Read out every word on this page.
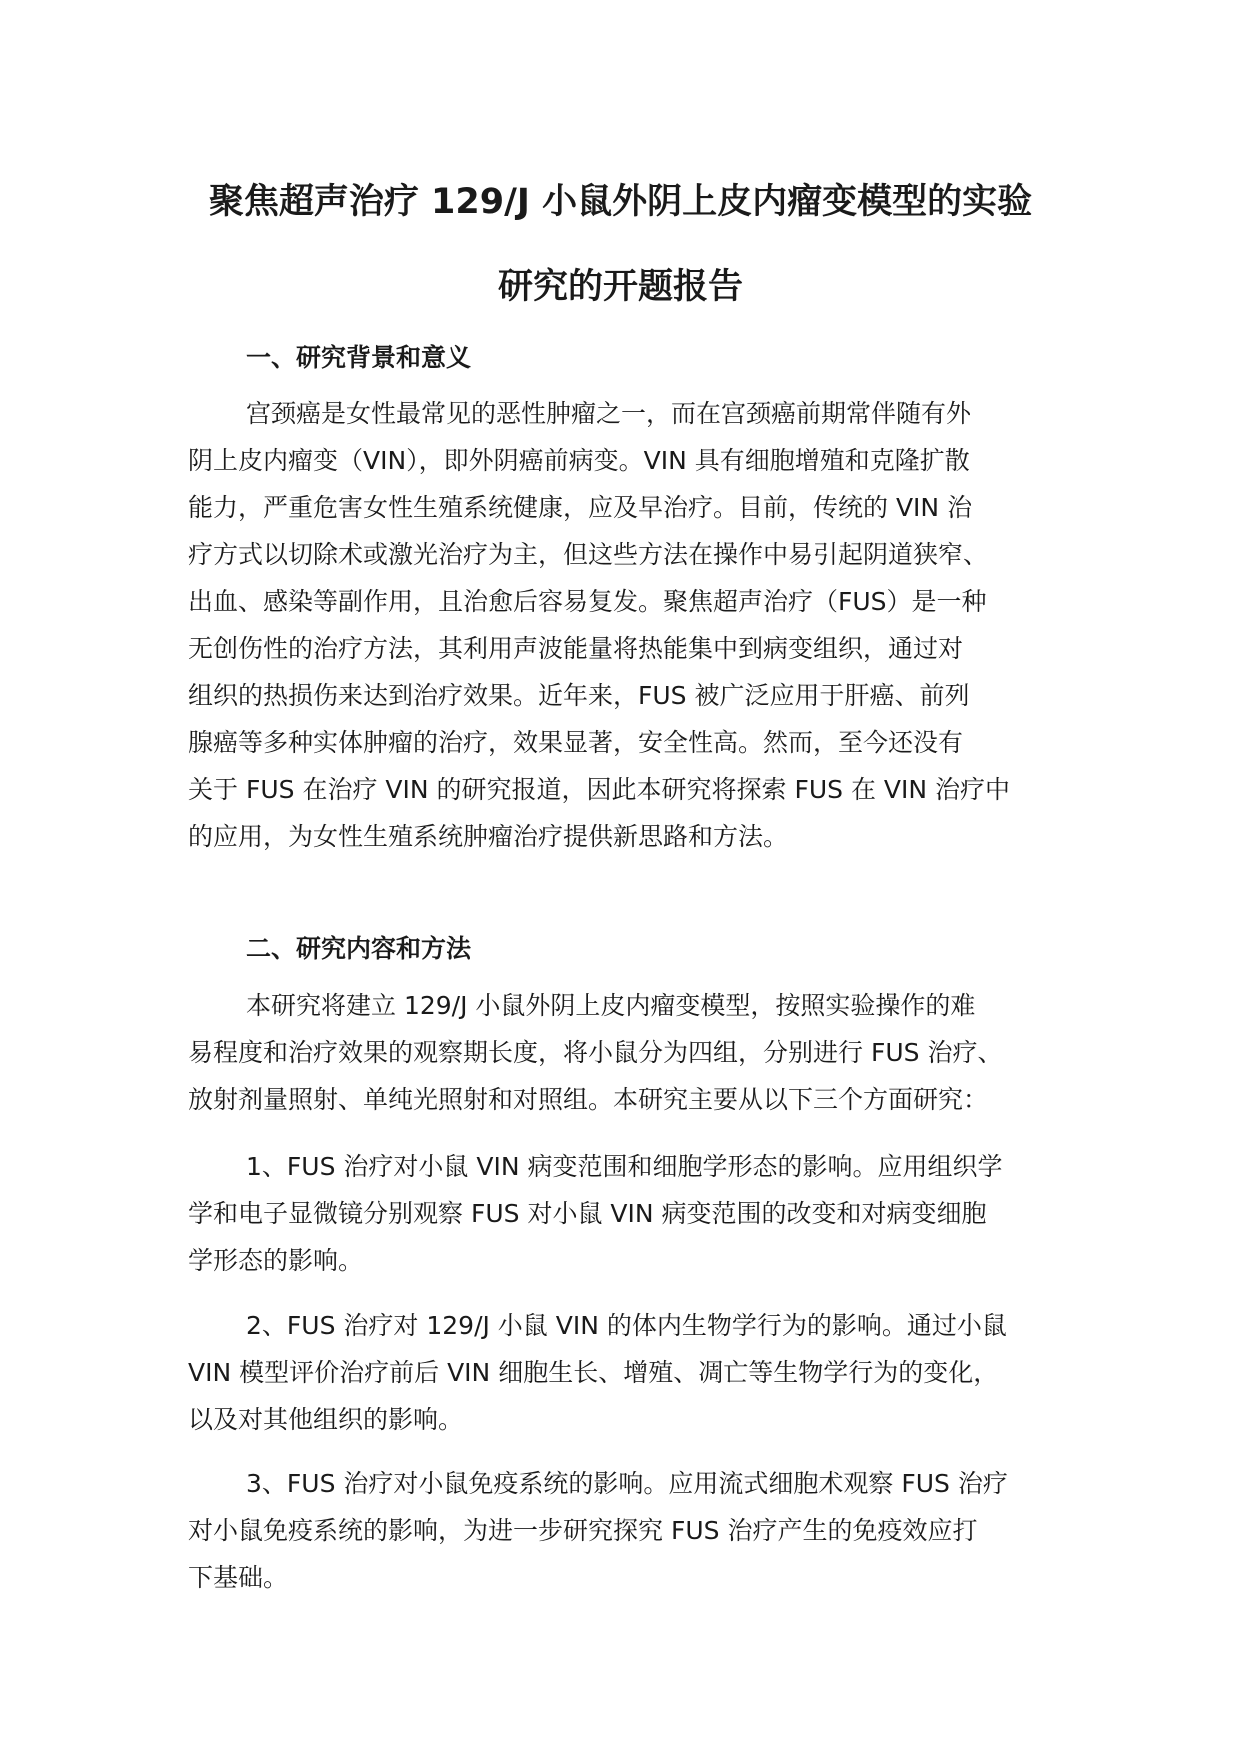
聚焦超声治疗 129/J 小鼠外阴上皮内瘤变模型的实验
研究的开题报告
一、研究背景和意义
宫颈癌是女性最常见的恶性肿瘤之一，而在宫颈癌前期常伴随有外
阴上皮内瘤变（VIN），即外阴癌前病变。VIN 具有细胞增殖和克隆扩散
能力，严重危害女性生殖系统健康，应及早治疗。目前，传统的 VIN 治
疗方式以切除术或激光治疗为主，但这些方法在操作中易引起阴道狭窄、
出血、感染等副作用，且治愈后容易复发。聚焦超声治疗（FUS）是一种
无创伤性的治疗方法，其利用声波能量将热能集中到病变组织，通过对
组织的热损伤来达到治疗效果。近年来，FUS 被广泛应用于肝癌、前列
腺癌等多种实体肿瘤的治疗，效果显著，安全性高。然而，至今还没有
关于 FUS 在治疗 VIN 的研究报道，因此本研究将探索 FUS 在 VIN 治疗中
的应用，为女性生殖系统肿瘤治疗提供新思路和方法。
二、研究内容和方法
本研究将建立 129/J 小鼠外阴上皮内瘤变模型，按照实验操作的难
易程度和治疗效果的观察期长度，将小鼠分为四组，分别进行 FUS 治疗、
放射剂量照射、单纯光照射和对照组。本研究主要从以下三个方面研究：
1、FUS 治疗对小鼠 VIN 病变范围和细胞学形态的影响。应用组织学
学和电子显微镜分别观察 FUS 对小鼠 VIN 病变范围的改变和对病变细胞
学形态的影响。
2、FUS 治疗对 129/J 小鼠 VIN 的体内生物学行为的影响。通过小鼠
VIN 模型评价治疗前后 VIN 细胞生长、增殖、凋亡等生物学行为的变化，
以及对其他组织的影响。
3、FUS 治疗对小鼠免疫系统的影响。应用流式细胞术观察 FUS 治疗
对小鼠免疫系统的影响，为进一步研究探究 FUS 治疗产生的免疫效应打
下基础。
